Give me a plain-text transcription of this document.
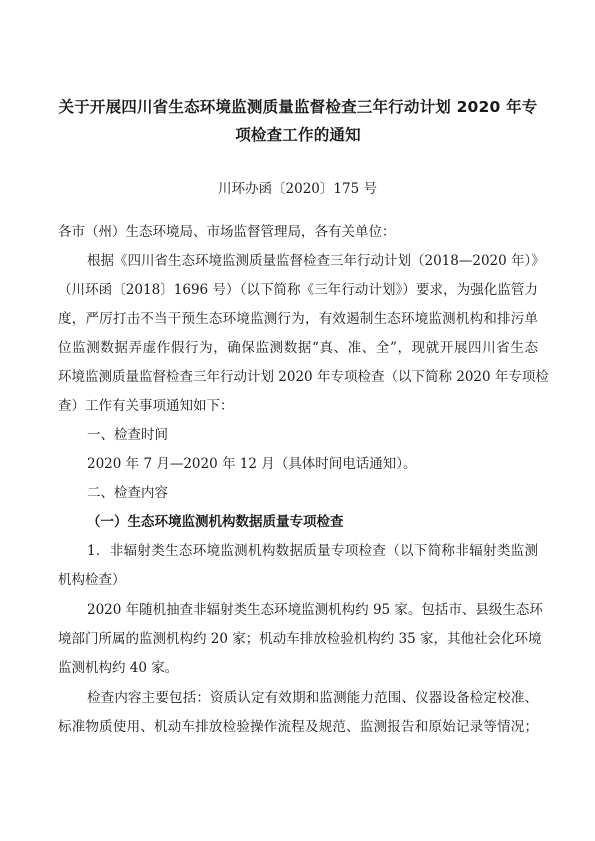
关于开展四川省生态环境监测质量监督检查三年行动计划 2020 年专
项检查工作的通知
川环办函〔2020〕175 号
各市（州）生态环境局、市场监督管理局，各有关单位：
根据《四川省生态环境监测质量监督检查三年行动计划（2018—2020 年）》
（川环函〔2018〕1696 号）（以下简称《三年行动计划》）要求，为强化监管力
度，严厉打击不当干预生态环境监测行为，有效遏制生态环境监测机构和排污单
位监测数据弄虚作假行为，确保监测数据“真、准、全”，现就开展四川省生态
环境监测质量监督检查三年行动计划 2020 年专项检查（以下简称 2020 年专项检
查）工作有关事项通知如下：
一、检查时间
2020 年 7 月—2020 年 12 月（具体时间电话通知）。
二、检查内容
（一）生态环境监测机构数据质量专项检查
1．非辐射类生态环境监测机构数据质量专项检查（以下简称非辐射类监测
机构检查）
2020 年随机抽查非辐射类生态环境监测机构约 95 家。包括市、县级生态环
境部门所属的监测机构约 20 家；机动车排放检验机构约 35 家，其他社会化环境
监测机构约 40 家。
检查内容主要包括：资质认定有效期和监测能力范围、仪器设备检定校准、
标准物质使用、机动车排放检验操作流程及规范、监测报告和原始记录等情况；
